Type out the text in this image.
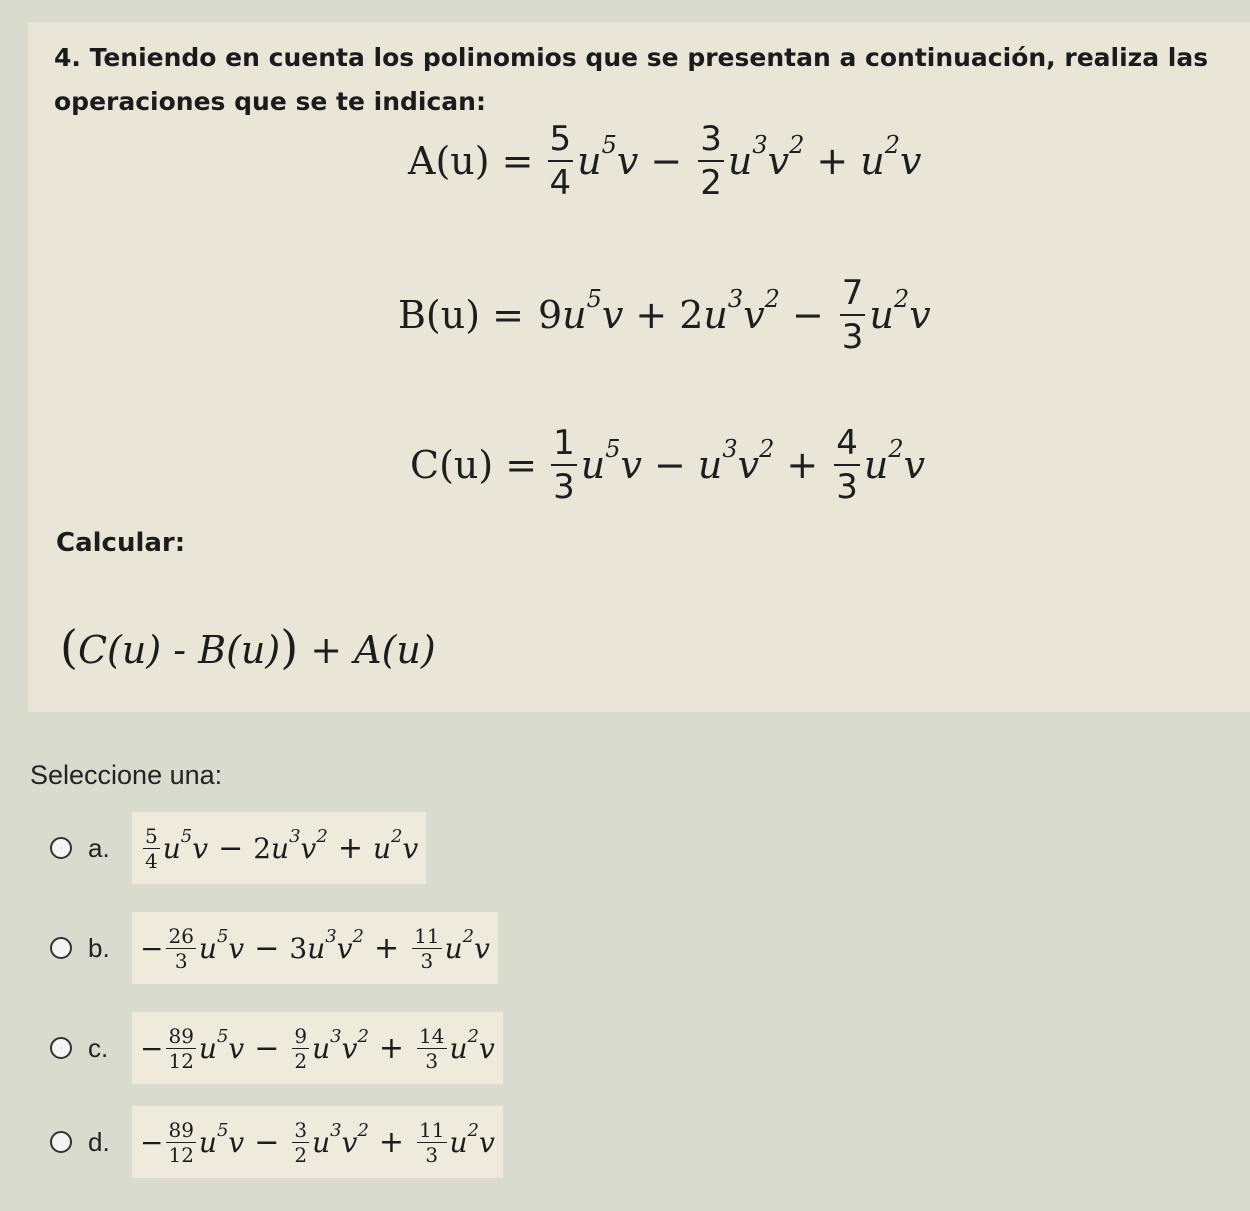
4. Teniendo en cuenta los polinomios que se presentan a continuación, realiza las operaciones que se te indican:

$A(u) = \frac{5}{4}$ u 5 $v - \frac{3}{2}$ u 3 v 2 + u 2 v
B(u) = 9 u 5 v + 2 u 3 v $2 - \frac{7}{3}$ u 2 v
$C(u) = \frac{1}{3}$ u 5 v − u 3 v $2 + \frac{4}{3}$ u 2 v

Calcular:

(C(u) - B(u)) + A(u)
Seleccione una:
a.	$\frac{5}{4}$ u 5 v − 2 u 3 v 2 + u 2 v
b.	− $\frac{26}{3}$ u 5 v − 3 u 3 v $2 + \frac{11}{3}$ u 2 v
c.	− $\frac{89}{12}$ u 5 $v - \frac{9}{2}$ u 3 v $2 + \frac{14}{3}$ u 2 v
d.	− $\frac{89}{12}$ u 5 $v - \frac{3}{2}$ u 3 v $2 + \frac{11}{3}$ u 2 v
